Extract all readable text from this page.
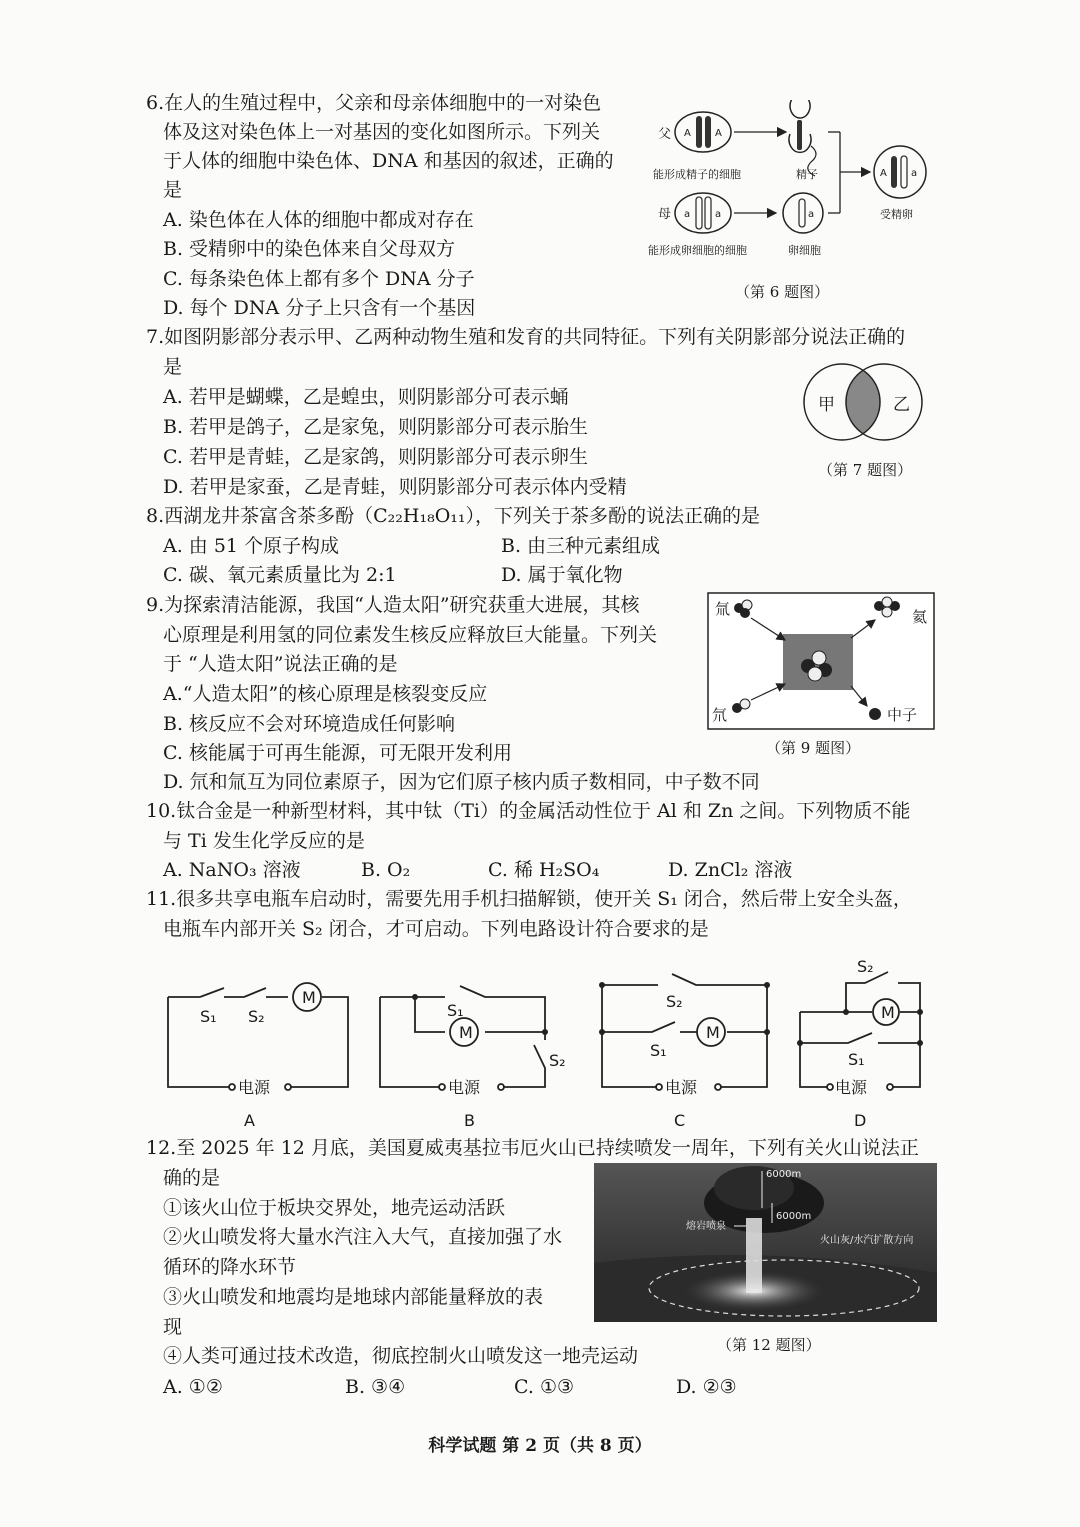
6.在人的生殖过程中，父亲和母亲体细胞中的一对染色
体及这对染色体上一对基因的变化如图所示。下列关
于人体的细胞中染色体、DNA 和基因的叙述，正确的
是
A. 染色体在人体的细胞中都成对存在
B. 受精卵中的染色体来自父母双方
C. 每条染色体上都有多个 DNA 分子
D. 每个 DNA 分子上只含有一个基因
父 A A
能形成精子的细胞	精子
母 a a	a
能形成卵细胞的细胞	卵细胞
A a
受精卵
（第 6 题图）
7.如图阴影部分表示甲、乙两种动物生殖和发育的共同特征。下列有关阴影部分说法正确的
是
A. 若甲是蝴蝶，乙是蝗虫，则阴影部分可表示蛹
B. 若甲是鸽子，乙是家兔，则阴影部分可表示胎生
C. 若甲是青蛙，乙是家鸽，则阴影部分可表示卵生
D. 若甲是家蚕，乙是青蛙，则阴影部分可表示体内受精
甲	乙
（第 7 题图）
8.西湖龙井茶富含茶多酚（C₂₂H₁₈O₁₁），下列关于茶多酚的说法正确的是
A. 由 51 个原子构成	B. 由三种元素组成
C. 碳、氧元素质量比为 2:1	D. 属于氧化物
9.为探索清洁能源，我国“人造太阳”研究获重大进展，其核
心原理是利用氢的同位素发生核反应释放巨大能量。下列关
于 “人造太阳”说法正确的是
A.“人造太阳”的核心原理是核裂变反应
B. 核反应不会对环境造成任何影响
C. 核能属于可再生能源，可无限开发利用
D. 氘和氚互为同位素原子，因为它们原子核内质子数相同，中子数不同
氚
氘
氦
中子
（第 9 题图）
10.钛合金是一种新型材料，其中钛（Ti）的金属活动性位于 Al 和 Zn 之间。下列物质不能
与 Ti 发生化学反应的是
A. NaNO₃ 溶液	B. O₂	C. 稀 H₂SO₄	D. ZnCl₂ 溶液
11.很多共享电瓶车启动时，需要先用手机扫描解锁，使开关 S₁ 闭合，然后带上安全头盔，
电瓶车内部开关 S₂ 闭合，才可启动。下列电路设计符合要求的是
M
S₁ S₂
电源
M
S₁
S₂
电源
M
S₂
S₁
电源
M
S₂
S₁
电源
A	B	C	D
12.至 2025 年 12 月底，美国夏威夷基拉韦厄火山已持续喷发一周年，下列有关火山说法正
确的是
①该火山位于板块交界处，地壳运动活跃
②火山喷发将大量水汽注入大气，直接加强了水
循环的降水环节
③火山喷发和地震均是地球内部能量释放的表
现
④人类可通过技术改造，彻底控制火山喷发这一地壳运动
A. ①②	B. ③④	C. ①③	D. ②③
6000m
6000m
熔岩喷泉
火山灰/水汽扩散方向
（第 12 题图）
科学试题 第 2 页（共 8 页）
